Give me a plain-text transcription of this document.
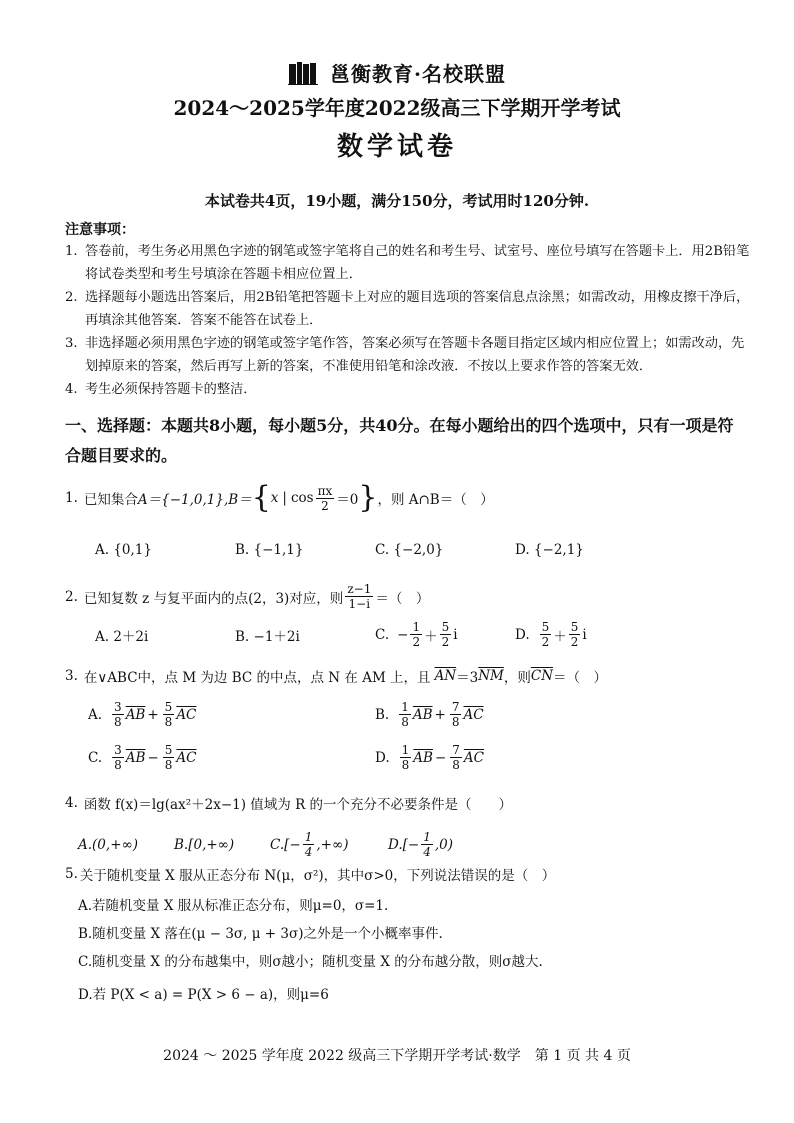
邕衡教育·名校联盟
2024～2025学年度2022级高三下学期开学考试
数学试卷
本试卷共4页，19小题，满分150分，考试用时120分钟.
注意事项：
1. 答卷前，考生务必用黑色字迹的钢笔或签字笔将自己的姓名和考生号、试室号、座位号填写在答题卡上．用2B铅笔将试卷类型和考生号填涂在答题卡相应位置上．
2. 选择题每小题选出答案后，用2B铅笔把答题卡上对应的题目选项的答案信息点涂黑；如需改动，用橡皮擦干净后，再填涂其他答案．答案不能答在试卷上．
3. 非选择题必须用黑色字迹的钢笔或签字笔作答，答案必须写在答题卡各题目指定区域内相应位置上；如需改动，先划掉原来的答案，然后再写上新的答案，不准使用铅笔和涂改液．不按以上要求作答的答案无效．
4. 考生必须保持答题卡的整洁．
一、选择题：本题共8小题，每小题5分，共40分。在每小题给出的四个选项中，只有一项是符合题目要求的。
1. 已知集合 A＝{−1,0,1},B＝ { x | $\cos \frac{\pi x}{2} =0$ } ，则 A∩B＝（　）
A. {0,1}	B. {−1,1}	C. {−2,0}	D. {−2,1}
2. 已知复数 z 与复平面内的点(2，3)对应，则 $\frac{z-1}{1-i}$ ＝（　）
A. 2＋2i	B. −1＋2i	C. − $\frac{1}{2} + \frac{5}{2}$ i	D. $\frac{5}{2} + \frac{5}{2}$ i
3. 在∨ABC中，点 M 为边 BC 的中点，点 N 在 AM 上，且 $\overline{AN} =3$ $\overline{NM}$ ，则 $\overline{CN}$ ＝（　）
A. $\frac{3}{8} \overline{AB} + \frac{5}{8} \overline{AC}$	B. $\frac{1}{8} \overline{AB} + \frac{7}{8} \overline{AC}$
C. $\frac{3}{8} \overline{AB} - \frac{5}{8} \overline{AC}$	D. $\frac{1}{8} \overline{AB} - \frac{7}{8} \overline{AC}$
4. 函数 f(x)＝lg(ax²＋2x−1) 值域为 R 的一个充分不必要条件是（　　）
A.(0,+∞)	B.[0,+∞)	$C.[- \frac{1}{4}$ ,+∞)	$D.[- \frac{1}{4} ,0)$
5. 关于随机变量 X 服从正态分布 N(μ，σ²)，其中σ>0，下列说法错误的是（　）
A.若随机变量 X 服从标准正态分布，则μ=0，σ=1.
B.随机变量 X 落在(μ − 3σ, μ + 3σ)之外是一个小概率事件.
C.随机变量 X 的分布越集中，则σ越小；随机变量 X 的分布越分散，则σ越大.
D.若 P(X < a) = P(X > 6 − a)，则μ=6
2024 ～ 2025 学年度 2022 级高三下学期开学考试·数学　第 1 页 共 4 页
